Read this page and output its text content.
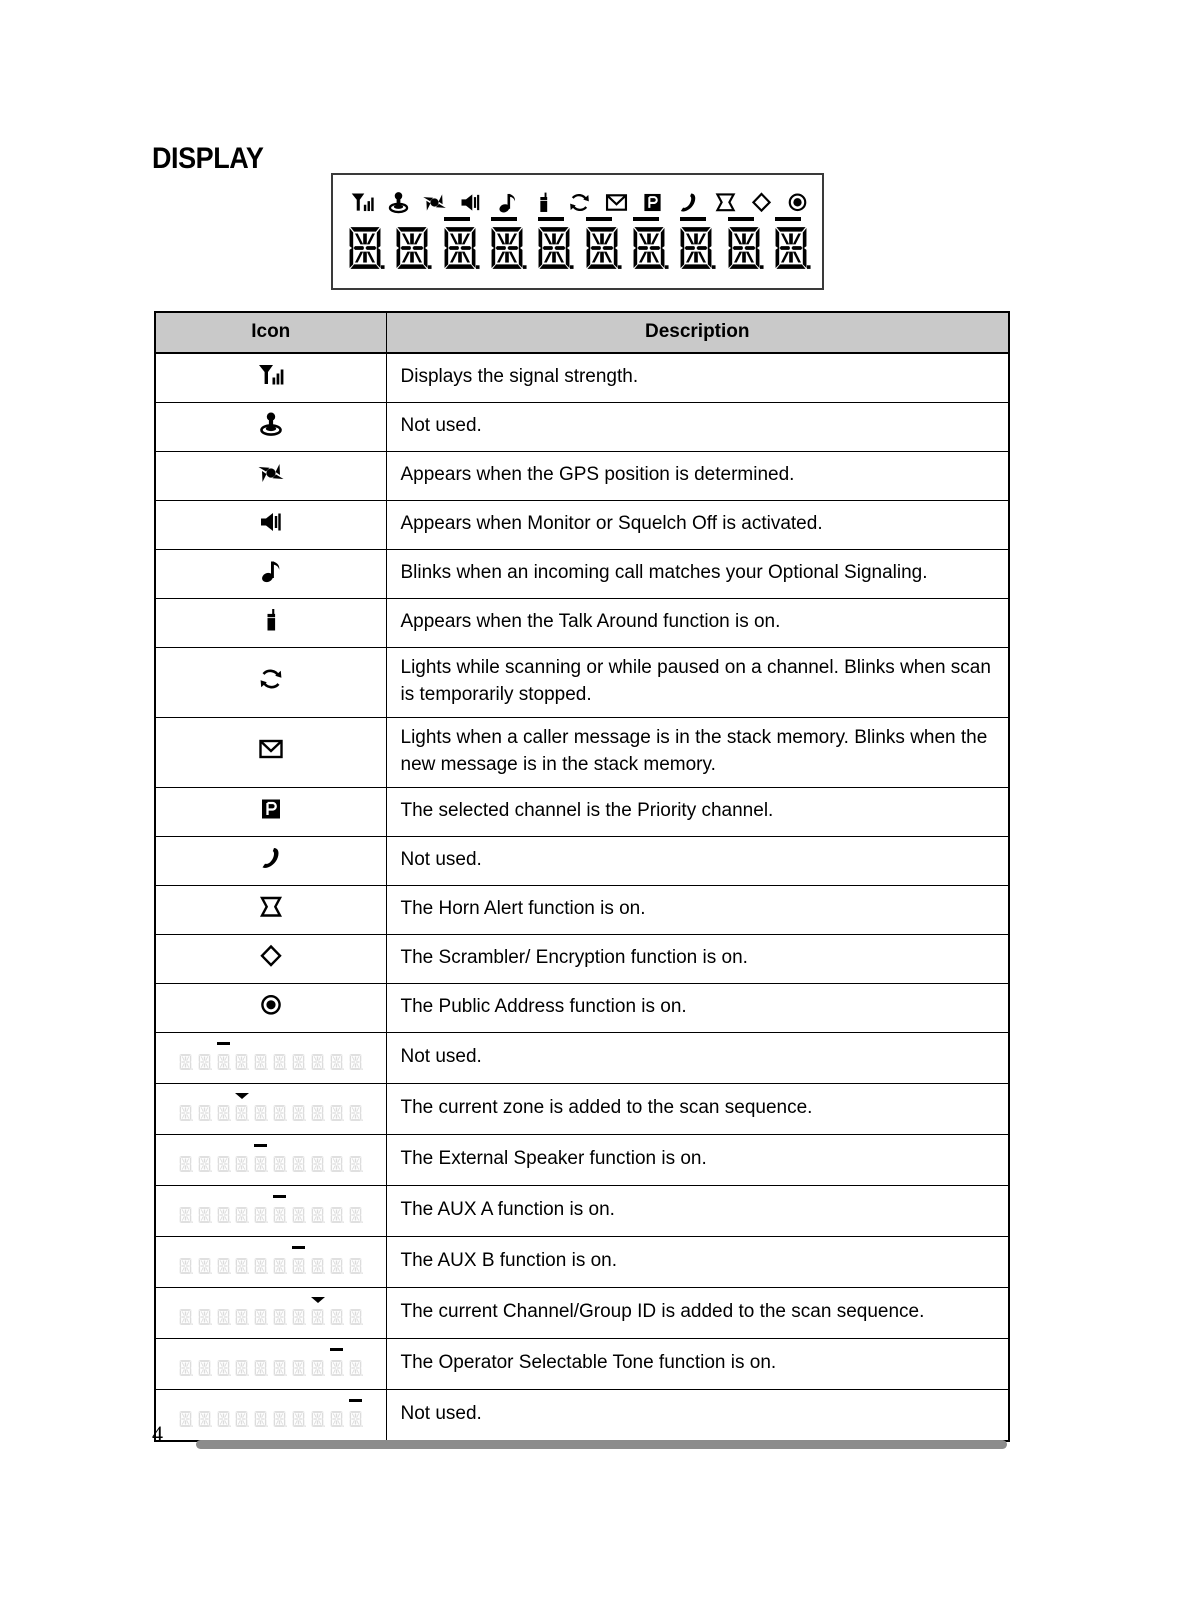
DISPLAY
Icon	Description

	Displays the signal strength.

	Not used.

	Appears when the GPS position is determined.

	Appears when Monitor or Squelch Off is activated.

	Blinks when an incoming call matches your Optional Signaling.

	Appears when the Talk Around function is on.

	Lights while scanning or while paused on a channel. Blinks when scan is temporarily stopped.

	Lights when a caller message is in the stack memory. Blinks when the new message is in the stack memory.

	The selected channel is the Priority channel.

	Not used.

	The Horn Alert function is on.

	The Scrambler/ Encryption function is on.

	The Public Address function is on.

	Not used.

	The current zone is added to the scan sequence.

	The External Speaker function is on.

	The AUX A function is on.

	The AUX B function is on.

	The current Channel/Group ID is added to the scan sequence.

	The Operator Selectable Tone function is on.

	Not used.
4
